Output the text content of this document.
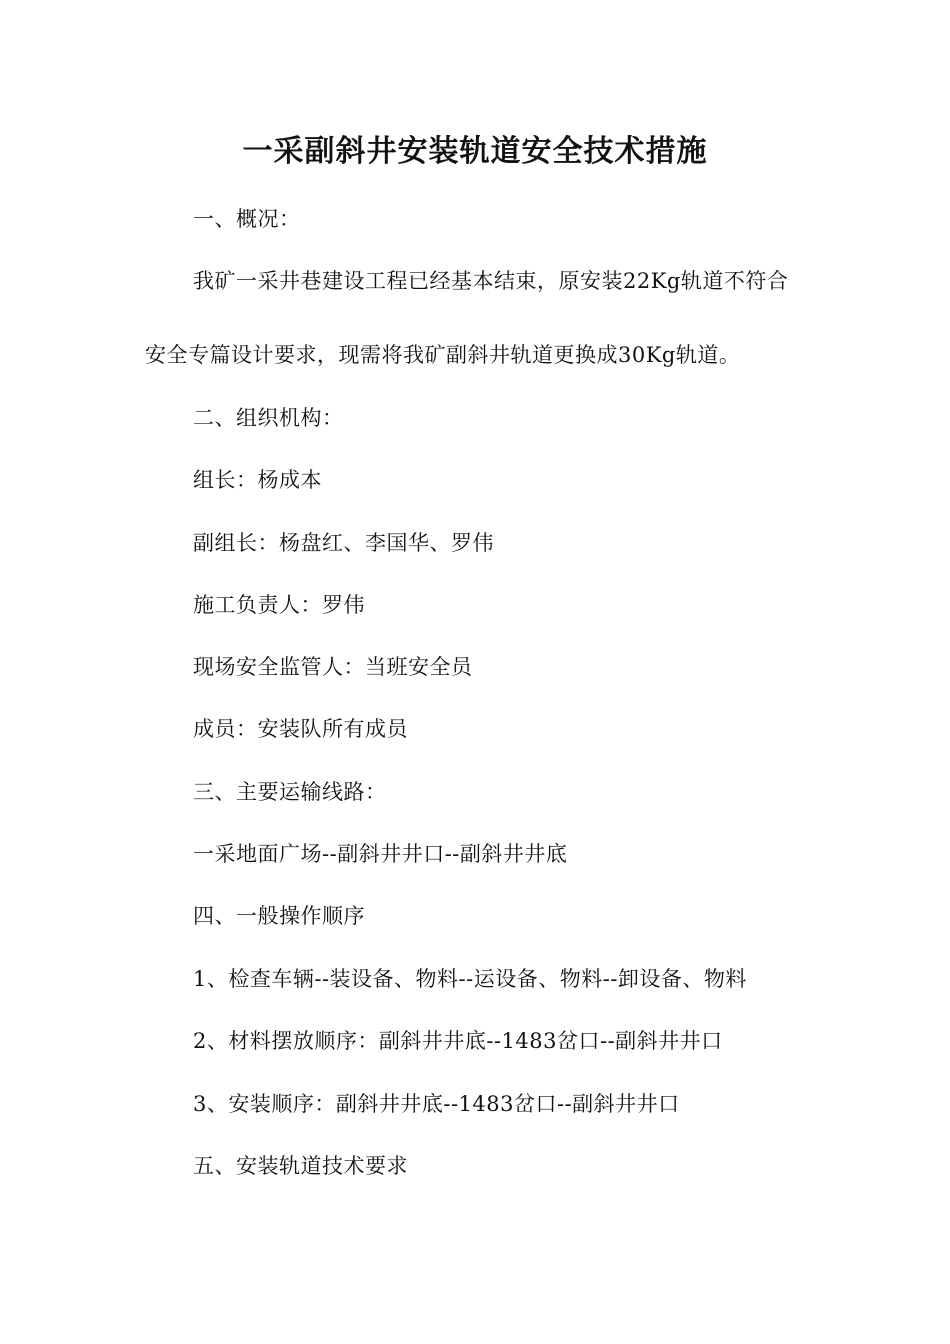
一采副斜井安装轨道安全技术措施
一、概况：
我矿一采井巷建设工程已经基本结束，原安装22Kg轨道不符合
安全专篇设计要求，现需将我矿副斜井轨道更换成30Kg轨道。
二、组织机构：
组长：杨成本
副组长：杨盘红、李国华、罗伟
施工负责人：罗伟
现场安全监管人：当班安全员
成员：安装队所有成员
三、主要运输线路：
一采地面广场--副斜井井口--副斜井井底
四、一般操作顺序
1、检查车辆--装设备、物料--运设备、物料--卸设备、物料
2、材料摆放顺序：副斜井井底--1483岔口--副斜井井口
3、安装顺序：副斜井井底--1483岔口--副斜井井口
五、安装轨道技术要求
